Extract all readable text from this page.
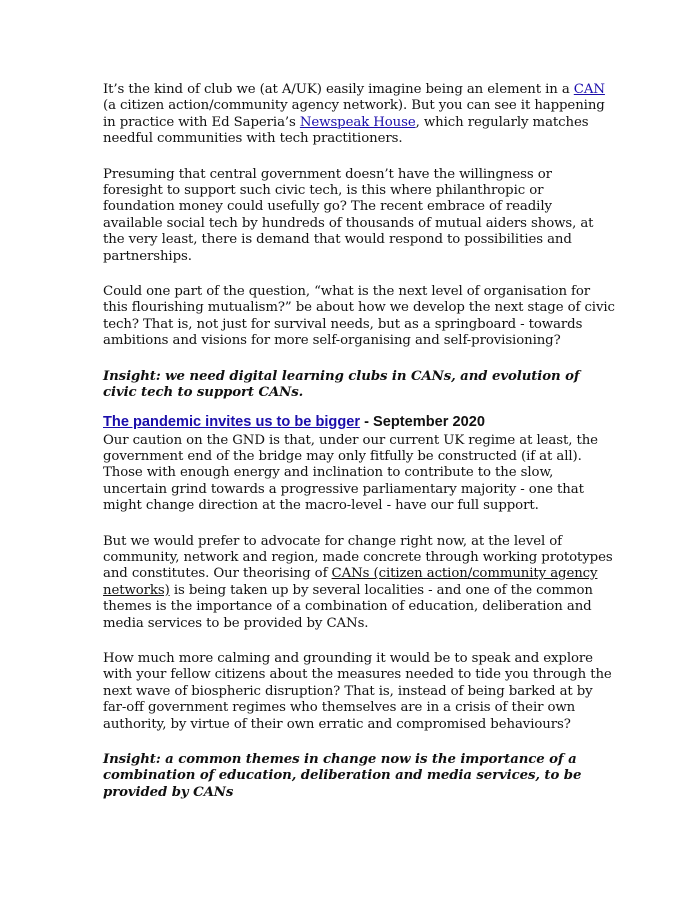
It’s the kind of club we (at A/UK) easily imagine being an element in a CAN (a citizen action/community agency network). But you can see it happening in practice with Ed Saperia’s Newspeak House, which regularly matches needful communities with tech practitioners.

Presuming that central government doesn’t have the willingness or foresight to support such civic tech, is this where philanthropic or foundation money could usefully go? The recent embrace of readily available social tech by hundreds of thousands of mutual aiders shows, at the very least, there is demand that would respond to possibilities and partnerships.

Could one part of the question, “what is the next level of organisation for this flourishing mutualism?” be about how we develop the next stage of civic tech? That is, not just for survival needs, but as a springboard - towards ambitions and visions for more self-organising and self-provisioning?

Insight: we need digital learning clubs in CANs, and evolution of civic tech to support CANs.

The pandemic invites us to be bigger - September 2020

Our caution on the GND is that, under our current UK regime at least, the government end of the bridge may only fitfully be constructed (if at all). Those with enough energy and inclination to contribute to the slow, uncertain grind towards a progressive parliamentary majority - one that might change direction at the macro-level - have our full support.

But we would prefer to advocate for change right now, at the level of community, network and region, made concrete through working prototypes and constitutes. Our theorising of CANs (citizen action/community agency networks) is being taken up by several localities - and one of the common themes is the importance of a combination of education, deliberation and media services to be provided by CANs.

How much more calming and grounding it would be to speak and explore with your fellow citizens about the measures needed to tide you through the next wave of biospheric disruption? That is, instead of being barked at by far-off government regimes who themselves are in a crisis of their own authority, by virtue of their own erratic and compromised behaviours?

Insight: a common themes in change now is the importance of a combination of education, deliberation and media services, to be provided by CANs
